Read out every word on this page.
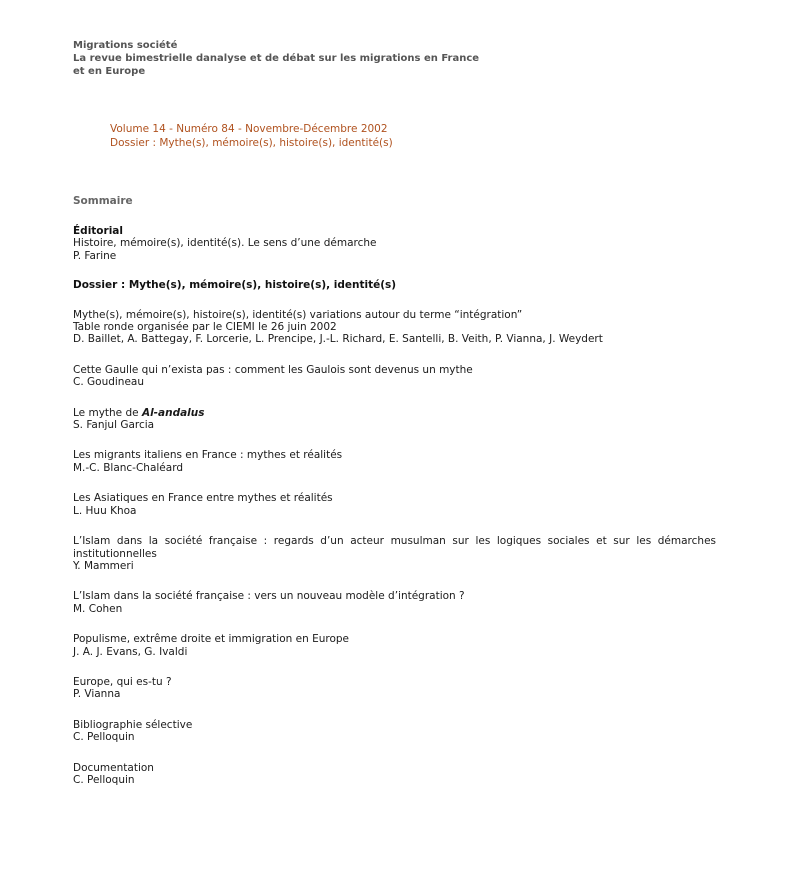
Migrations société
La revue bimestrielle danalyse et de débat sur les migrations en France
et en Europe
Volume 14 - Numéro 84 - Novembre-Décembre 2002
Dossier : Mythe(s), mémoire(s), histoire(s), identité(s)
Sommaire
Éditorial
Histoire, mémoire(s), identité(s). Le sens d’une démarche
P. Farine
Dossier : Mythe(s), mémoire(s), histoire(s), identité(s)
Mythe(s), mémoire(s), histoire(s), identité(s) variations autour du terme “intégration”
Table ronde organisée par le CIEMI le 26 juin 2002
D. Baillet, A. Battegay, F. Lorcerie, L. Prencipe, J.-L. Richard, E. Santelli, B. Veith, P. Vianna, J. Weydert
Cette Gaulle qui n’exista pas : comment les Gaulois sont devenus un mythe
C. Goudineau
Le mythe de Al-andalus
S. Fanjul Garcia
Les migrants italiens en France : mythes et réalités
M.-C. Blanc-Chaléard
Les Asiatiques en France entre mythes et réalités
L. Huu Khoa
L’Islam dans la société française : regards d’un acteur musulman sur les logiques sociales et sur les démarches institutionnelles
Y. Mammeri
L’Islam dans la société française : vers un nouveau modèle d’intégration ?
M. Cohen
Populisme, extrême droite et immigration en Europe
J. A. J. Evans, G. Ivaldi
Europe, qui es-tu ?
P. Vianna
Bibliographie sélective
C. Pelloquin
Documentation
C. Pelloquin
